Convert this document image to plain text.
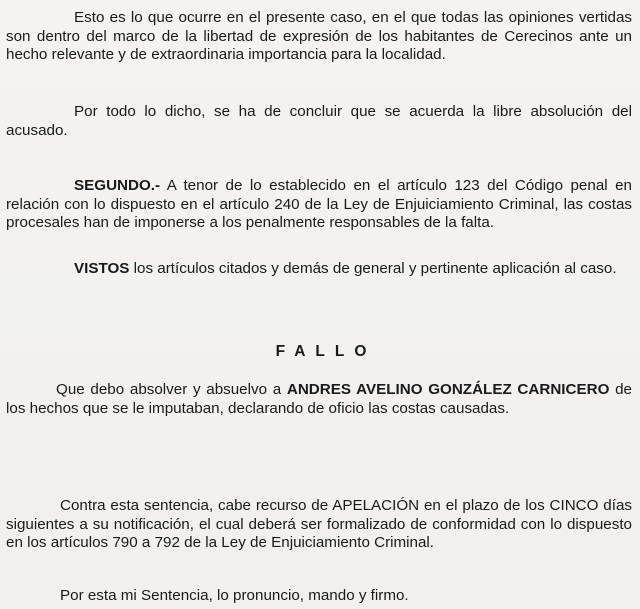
Esto es lo que ocurre en el presente caso, en el que todas las opiniones vertidas son dentro del marco de la libertad de expresión de los habitantes de Cerecinos ante un hecho relevante y de extraordinaria importancia para la localidad.

Por todo lo dicho, se ha de concluir que se acuerda la libre absolución del acusado.

SEGUNDO.- A tenor de lo establecido en el artículo 123 del Código penal en relación con lo dispuesto en el artículo 240 de la Ley de Enjuiciamiento Criminal, las costas procesales han de imponerse a los penalmente responsables de la falta.

VISTOS los artículos citados y demás de general y pertinente aplicación al caso.

FALLO

Que debo absolver y absuelvo a ANDRES AVELINO GONZÁLEZ CARNICERO de los hechos que se le imputaban, declarando de oficio las costas causadas.

Contra esta sentencia, cabe recurso de APELACIÓN en el plazo de los CINCO días siguientes a su notificación, el cual deberá ser formalizado de conformidad con lo dispuesto en los artículos 790 a 792 de la Ley de Enjuiciamiento Criminal.

Por esta mi Sentencia, lo pronuncio, mando y firmo.
